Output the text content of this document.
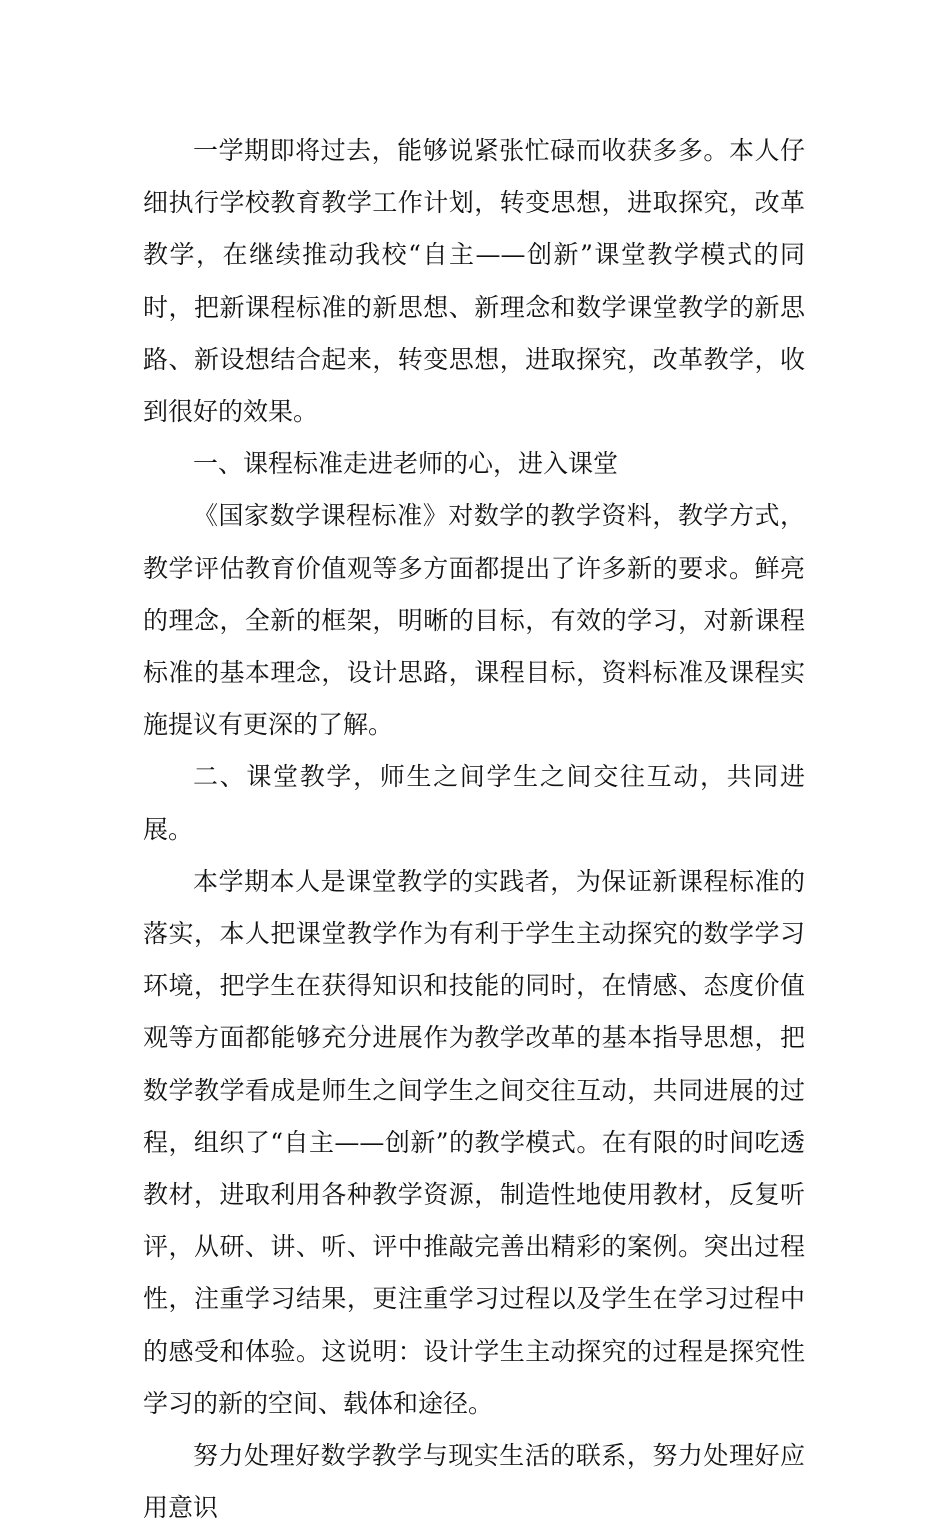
一学期即将过去，能够说紧张忙碌而收获多多。本人仔细执行学校教育教学工作计划，转变思想，进取探究，改革教学，在继续推动我校“自主——创新”课堂教学模式的同时，把新课程标准的新思想、新理念和数学课堂教学的新思路、新设想结合起来，转变思想，进取探究，改革教学，收到很好的效果。

一、课程标准走进老师的心，进入课堂

《国家数学课程标准》对数学的教学资料，教学方式，教学评估教育价值观等多方面都提出了许多新的要求。鲜亮的理念，全新的框架，明晰的目标，有效的学习，对新课程标准的基本理念，设计思路，课程目标，资料标准及课程实施提议有更深的了解。

二、课堂教学，师生之间学生之间交往互动，共同进展。

本学期本人是课堂教学的实践者，为保证新课程标准的落实，本人把课堂教学作为有利于学生主动探究的数学学习环境，把学生在获得知识和技能的同时，在情感、态度价值观等方面都能够充分进展作为教学改革的基本指导思想，把数学教学看成是师生之间学生之间交往互动，共同进展的过程，组织了“自主——创新”的教学模式。在有限的时间吃透教材，进取利用各种教学资源，制造性地使用教材，反复听评，从研、讲、听、评中推敲完善出精彩的案例。突出过程性，注重学习结果，更注重学习过程以及学生在学习过程中的感受和体验。这说明：设计学生主动探究的过程是探究性学习的新的空间、载体和途径。

努力处理好数学教学与现实生活的联系，努力处理好应用意识
